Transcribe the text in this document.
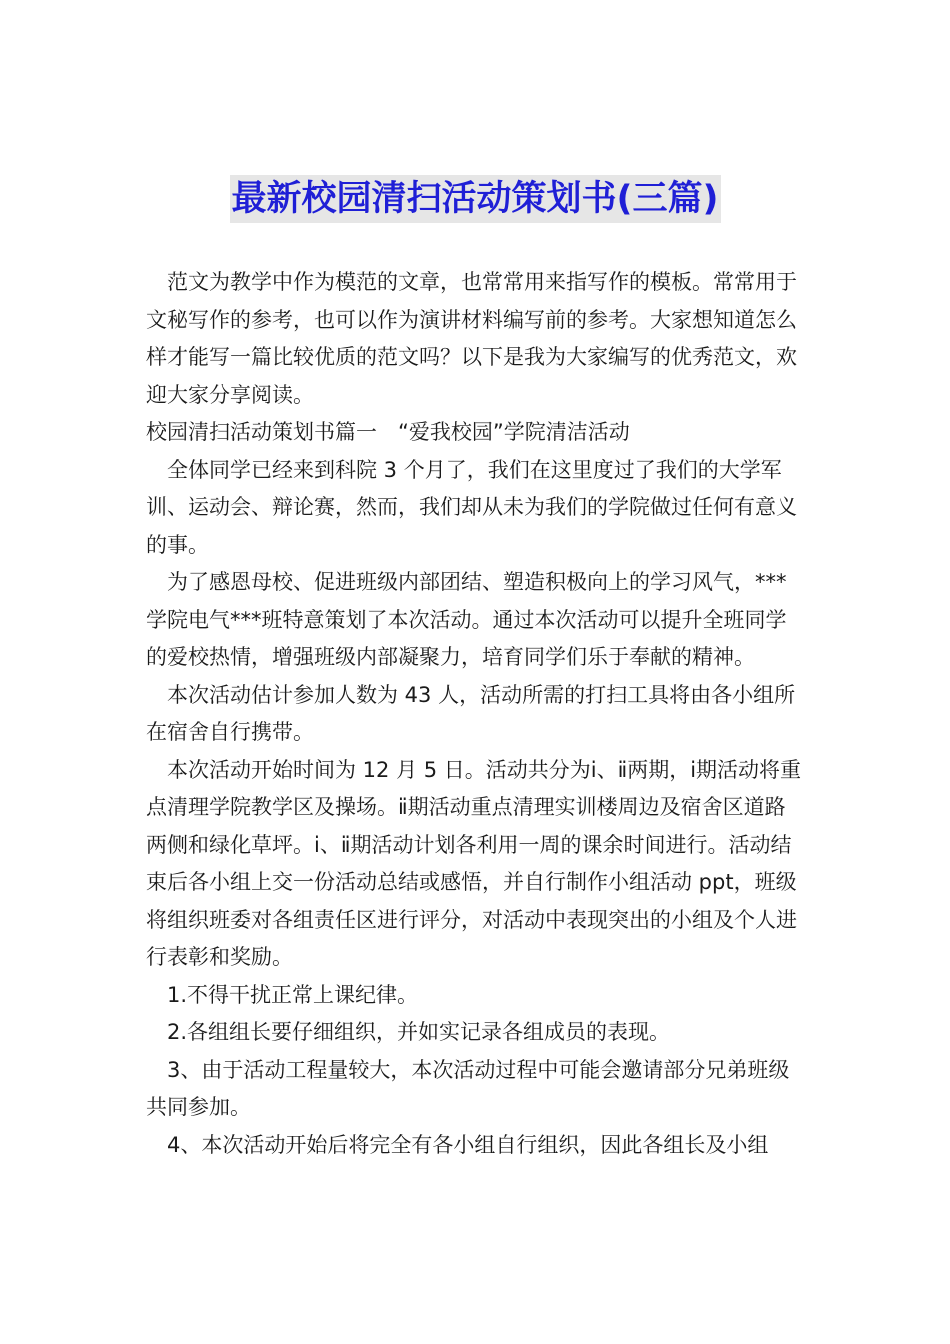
最新校园清扫活动策划书(三篇)

范文为教学中作为模范的文章，也常常用来指写作的模板。常常用于文秘写作的参考，也可以作为演讲材料编写前的参考。大家想知道怎么样才能写一篇比较优质的范文吗？以下是我为大家编写的优秀范文，欢迎大家分享阅读。

校园清扫活动策划书篇一　“爱我校园”学院清洁活动

全体同学已经来到科院 3 个月了，我们在这里度过了我们的大学军训、运动会、辩论赛，然而，我们却从未为我们的学院做过任何有意义的事。

为了感恩母校、促进班级内部团结、塑造积极向上的学习风气，***学院电气***班特意策划了本次活动。通过本次活动可以提升全班同学的爱校热情，增强班级内部凝聚力，培育同学们乐于奉献的精神。

本次活动估计参加人数为 43 人，活动所需的打扫工具将由各小组所在宿舍自行携带。

本次活动开始时间为 12 月 5 日。活动共分为ⅰ、ⅱ两期，ⅰ期活动将重点清理学院教学区及操场。ⅱ期活动重点清理实训楼周边及宿舍区道路两侧和绿化草坪。ⅰ、ⅱ期活动计划各利用一周的课余时间进行。活动结束后各小组上交一份活动总结或感悟，并自行制作小组活动 ppt，班级将组织班委对各组责任区进行评分，对活动中表现突出的小组及个人进行表彰和奖励。

1.不得干扰正常上课纪律。

2.各组组长要仔细组织，并如实记录各组成员的表现。

3、由于活动工程量较大，本次活动过程中可能会邀请部分兄弟班级共同参加。

4、本次活动开始后将完全有各小组自行组织，因此各组长及小组
